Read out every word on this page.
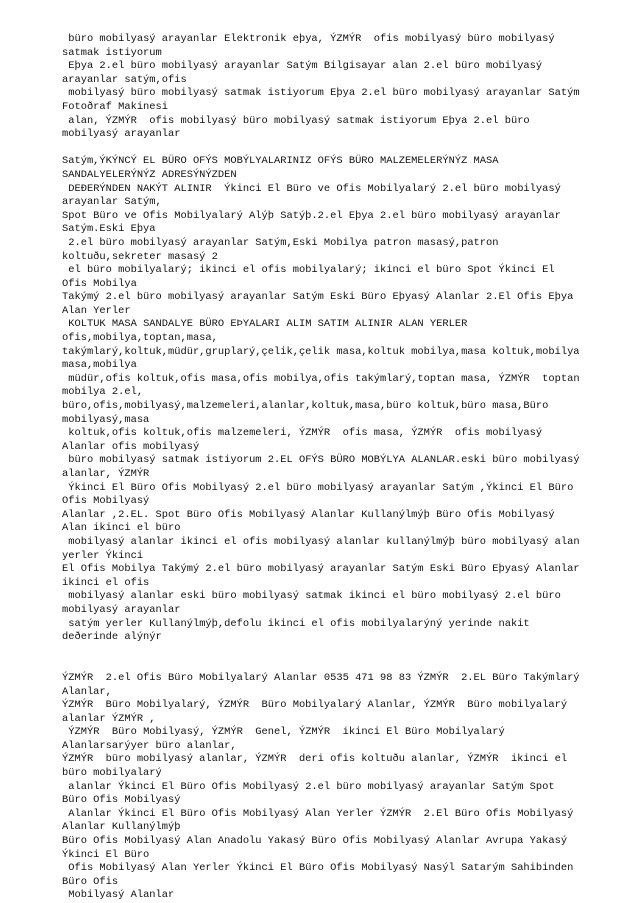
büro mobilyasý arayanlar Elektronik eþya, ÝZMÝR  ofis mobilyasý büro mobilyasý satmak istiyorum

Eþya 2.el büro mobilyasý arayanlar Satým Bilgisayar alan 2.el büro mobilyasý arayanlar satým,ofis

mobilyasý büro mobilyasý satmak istiyorum Eþya 2.el büro mobilyasý arayanlar Satým Fotoðraf Makinesi

alan, ÝZMÝR  ofis mobilyasý büro mobilyasý satmak istiyorum Eþya 2.el büro mobilyasý arayanlar

Satým,ÝKÝNCÝ EL BÜRO OFÝS MOBÝLYALARINIZ OFÝS BÜRO MALZEMELERÝNÝZ MASA SANDALYELERÝNÝZ ADRESÝNÝZDEN

DEÐERÝNDEN NAKÝT ALINIR  Ýkinci El Büro ve Ofis Mobilyalarý 2.el büro mobilyasý arayanlar Satým,

Spot Büro ve Ofis Mobilyalarý Alýþ Satýþ.2.el Eþya 2.el büro mobilyasý arayanlar Satým.Eski Eþya

2.el büro mobilyasý arayanlar Satým,Eski Mobilya patron masasý,patron koltuðu,sekreter masasý 2

el büro mobilyalarý; ikinci el ofis mobilyalarý; ikinci el büro Spot Ýkinci El Ofis Mobilya

Takýmý 2.el büro mobilyasý arayanlar Satým Eski Büro Eþyasý Alanlar 2.El Ofis Eþya Alan Yerler

KOLTUK MASA SANDALYE BÜRO EÞYALARI ALIM SATIM ALINIR ALAN YERLER ofis,mobilya,toptan,masa,

takýmlarý,koltuk,müdür,gruplarý,çelik,çelik masa,koltuk mobilya,masa koltuk,mobilya masa,mobilya

müdür,ofis koltuk,ofis masa,ofis mobilya,ofis takýmlarý,toptan masa, ÝZMÝR  toptan mobilya 2.el,

büro,ofis,mobilyasý,malzemeleri,alanlar,koltuk,masa,büro koltuk,büro masa,Büro mobilyasý,masa

koltuk,ofis koltuk,ofis malzemeleri, ÝZMÝR  ofis masa, ÝZMÝR  ofis mobilyasý Alanlar ofis mobilyasý

büro mobilyasý satmak istiyorum 2.EL OFÝS BÜRO MOBÝLYA ALANLAR.eski büro mobilyasý alanlar, ÝZMÝR

Ýkinci El Büro Ofis Mobilyasý 2.el büro mobilyasý arayanlar Satým ,Ýkinci El Büro Ofis Mobilyasý

Alanlar ,2.EL. Spot Büro Ofis Mobilyasý Alanlar Kullanýlmýþ Büro Ofis Mobilyasý Alan ikinci el büro

mobilyasý alanlar ikinci el ofis mobilyasý alanlar kullanýlmýþ büro mobilyasý alan yerler Ýkinci

El Ofis Mobilya Takýmý 2.el büro mobilyasý arayanlar Satým Eski Büro Eþyasý Alanlar ikinci el ofis

mobilyasý alanlar eski büro mobilyasý satmak ikinci el büro mobilyasý 2.el büro mobilyasý arayanlar

satým yerler Kullanýlmýþ,defolu ikinci el ofis mobilyalarýný yerinde nakit deðerinde alýnýr

ÝZMÝR  2.el Ofis Büro Mobilyalarý Alanlar 0535 471 98 83 ÝZMÝR  2.EL Büro Takýmlarý Alanlar,

ÝZMÝR  Büro Mobilyalarý, ÝZMÝR  Büro Mobilyalarý Alanlar, ÝZMÝR  Büro mobilyalarý alanlar ÝZMÝR ,

ÝZMÝR  Büro Mobilyasý, ÝZMÝR  Genel, ÝZMÝR  ikinci El Büro Mobilyalarý Alanlarsarýyer büro alanlar,

ÝZMÝR  büro mobilyasý alanlar, ÝZMÝR  deri ofis koltuðu alanlar, ÝZMÝR  ikinci el büro mobilyalarý

alanlar Ýkinci El Büro Ofis Mobilyasý 2.el büro mobilyasý arayanlar Satým Spot Büro Ofis Mobilyasý

Alanlar Ýkinci El Büro Ofis Mobilyasý Alan Yerler ÝZMÝR  2.El Büro Ofis Mobilyasý Alanlar Kullanýlmýþ

Büro Ofis Mobilyasý Alan Anadolu Yakasý Büro Ofis Mobilyasý Alanlar Avrupa Yakasý Ýkinci El Büro

Ofis Mobilyasý Alan Yerler Ýkinci El Büro Ofis Mobilyasý Nasýl Satarým Sahibinden Büro Ofis

Mobilyasý Alanlar
